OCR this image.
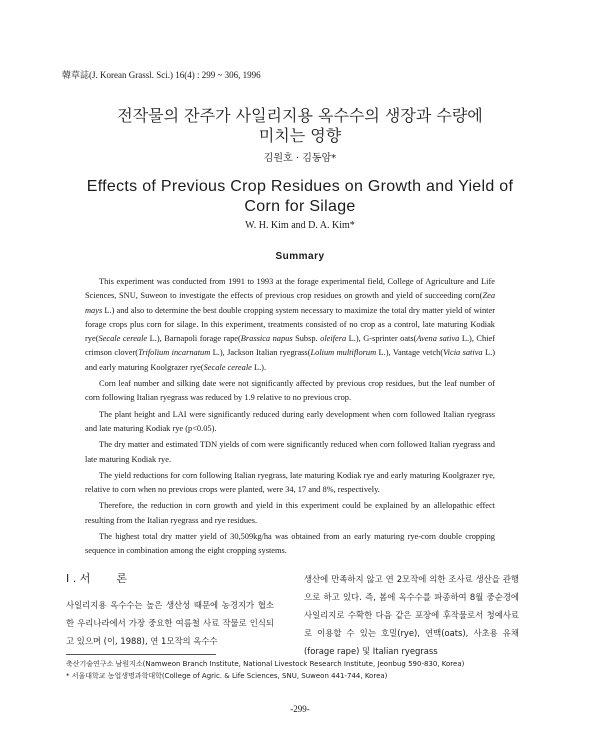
韓草誌(J. Korean Grassl. Sci.) 16(4) : 299 ~ 306, 1996
전작물의 잔주가 사일리지용 옥수수의 생장과 수량에
미치는 영향
김원호 · 김동암*
Effects of Previous Crop Residues on Growth and Yield of
Corn for Silage
W. H. Kim and D. A. Kim*
Summary

This experiment was conducted from 1991 to 1993 at the forage experimental field, College of Agriculture and Life Sciences, SNU, Suweon to investigate the effects of previous crop residues on growth and yield of succeeding corn(Zea mays L.) and also to determine the best double cropping system necessary to maximize the total dry matter yield of winter forage crops plus corn for silage. In this experiment, treatments consisted of no crop as a control, late maturing Kodiak rye(Secale cereale L.), Barnapoli forage rape(Brassica napus Subsp. oleifera L.), G-sprinter oats(Avena sativa L.), Chief crimson clover(Trifolium incarnatum L.), Jackson Italian ryegrass(Lolium multiflorum L.), Vantage vetch(Vicia sativa L.) and early maturing Koolgrazer rye(Secale cereale L.).

Corn leaf number and silking date were not significantly affected by previous crop residues, but the leaf number of corn following Italian ryegrass was reduced by 1.9 relative to no previous crop.

The plant height and LAI were significantly reduced during early development when corn followed Italian ryegrass and late maturing Kodiak rye (p<0.05).

The dry matter and estimated TDN yields of corn were significantly reduced when corn followed Italian ryegrass and late maturing Kodiak rye.

The yield reductions for corn following Italian ryegrass, late maturing Kodiak rye and early maturing Koolgrazer rye, relative to corn when no previous crops were planted, were 34, 17 and 8%, respectively.

Therefore, the reduction in corn growth and yield in this experiment could be explained by an allelopathic effect resulting from the Italian ryegrass and rye residues.

The highest total dry matter yield of 30,509kg/ha was obtained from an early maturing rye-corn double cropping sequence in combination among the eight cropping systems.

I . 서 론
사일리지용 옥수수는 높은 생산성 때문에 농경지가 협소한 우리나라에서 가장 중요한 여름철 사료 작물로 인식되고 있으며 (이, 1988), 연 1모작의 옥수수
생산에 만족하지 않고 연 2모작에 의한 조사료 생산을 관행으로 하고 있다. 즉, 봄에 옥수수를 파종하여 8월 중순경에 사일리지로 수확한 다음 같은 포장에 후작물로서 청예사료로 이용할 수 있는 호밀(rye), 연맥(oats), 사초용 유채(forage rape) 및 Italian ryegrass
축산기술연구소 남원지소(Namweon Branch Institute, National Livestock Research Institute, Jeonbug 590-830, Korea)
* 서울대학교 농업생명과학대학(College of Agric. & Life Sciences, SNU, Suweon 441-744, Korea)
-299-
